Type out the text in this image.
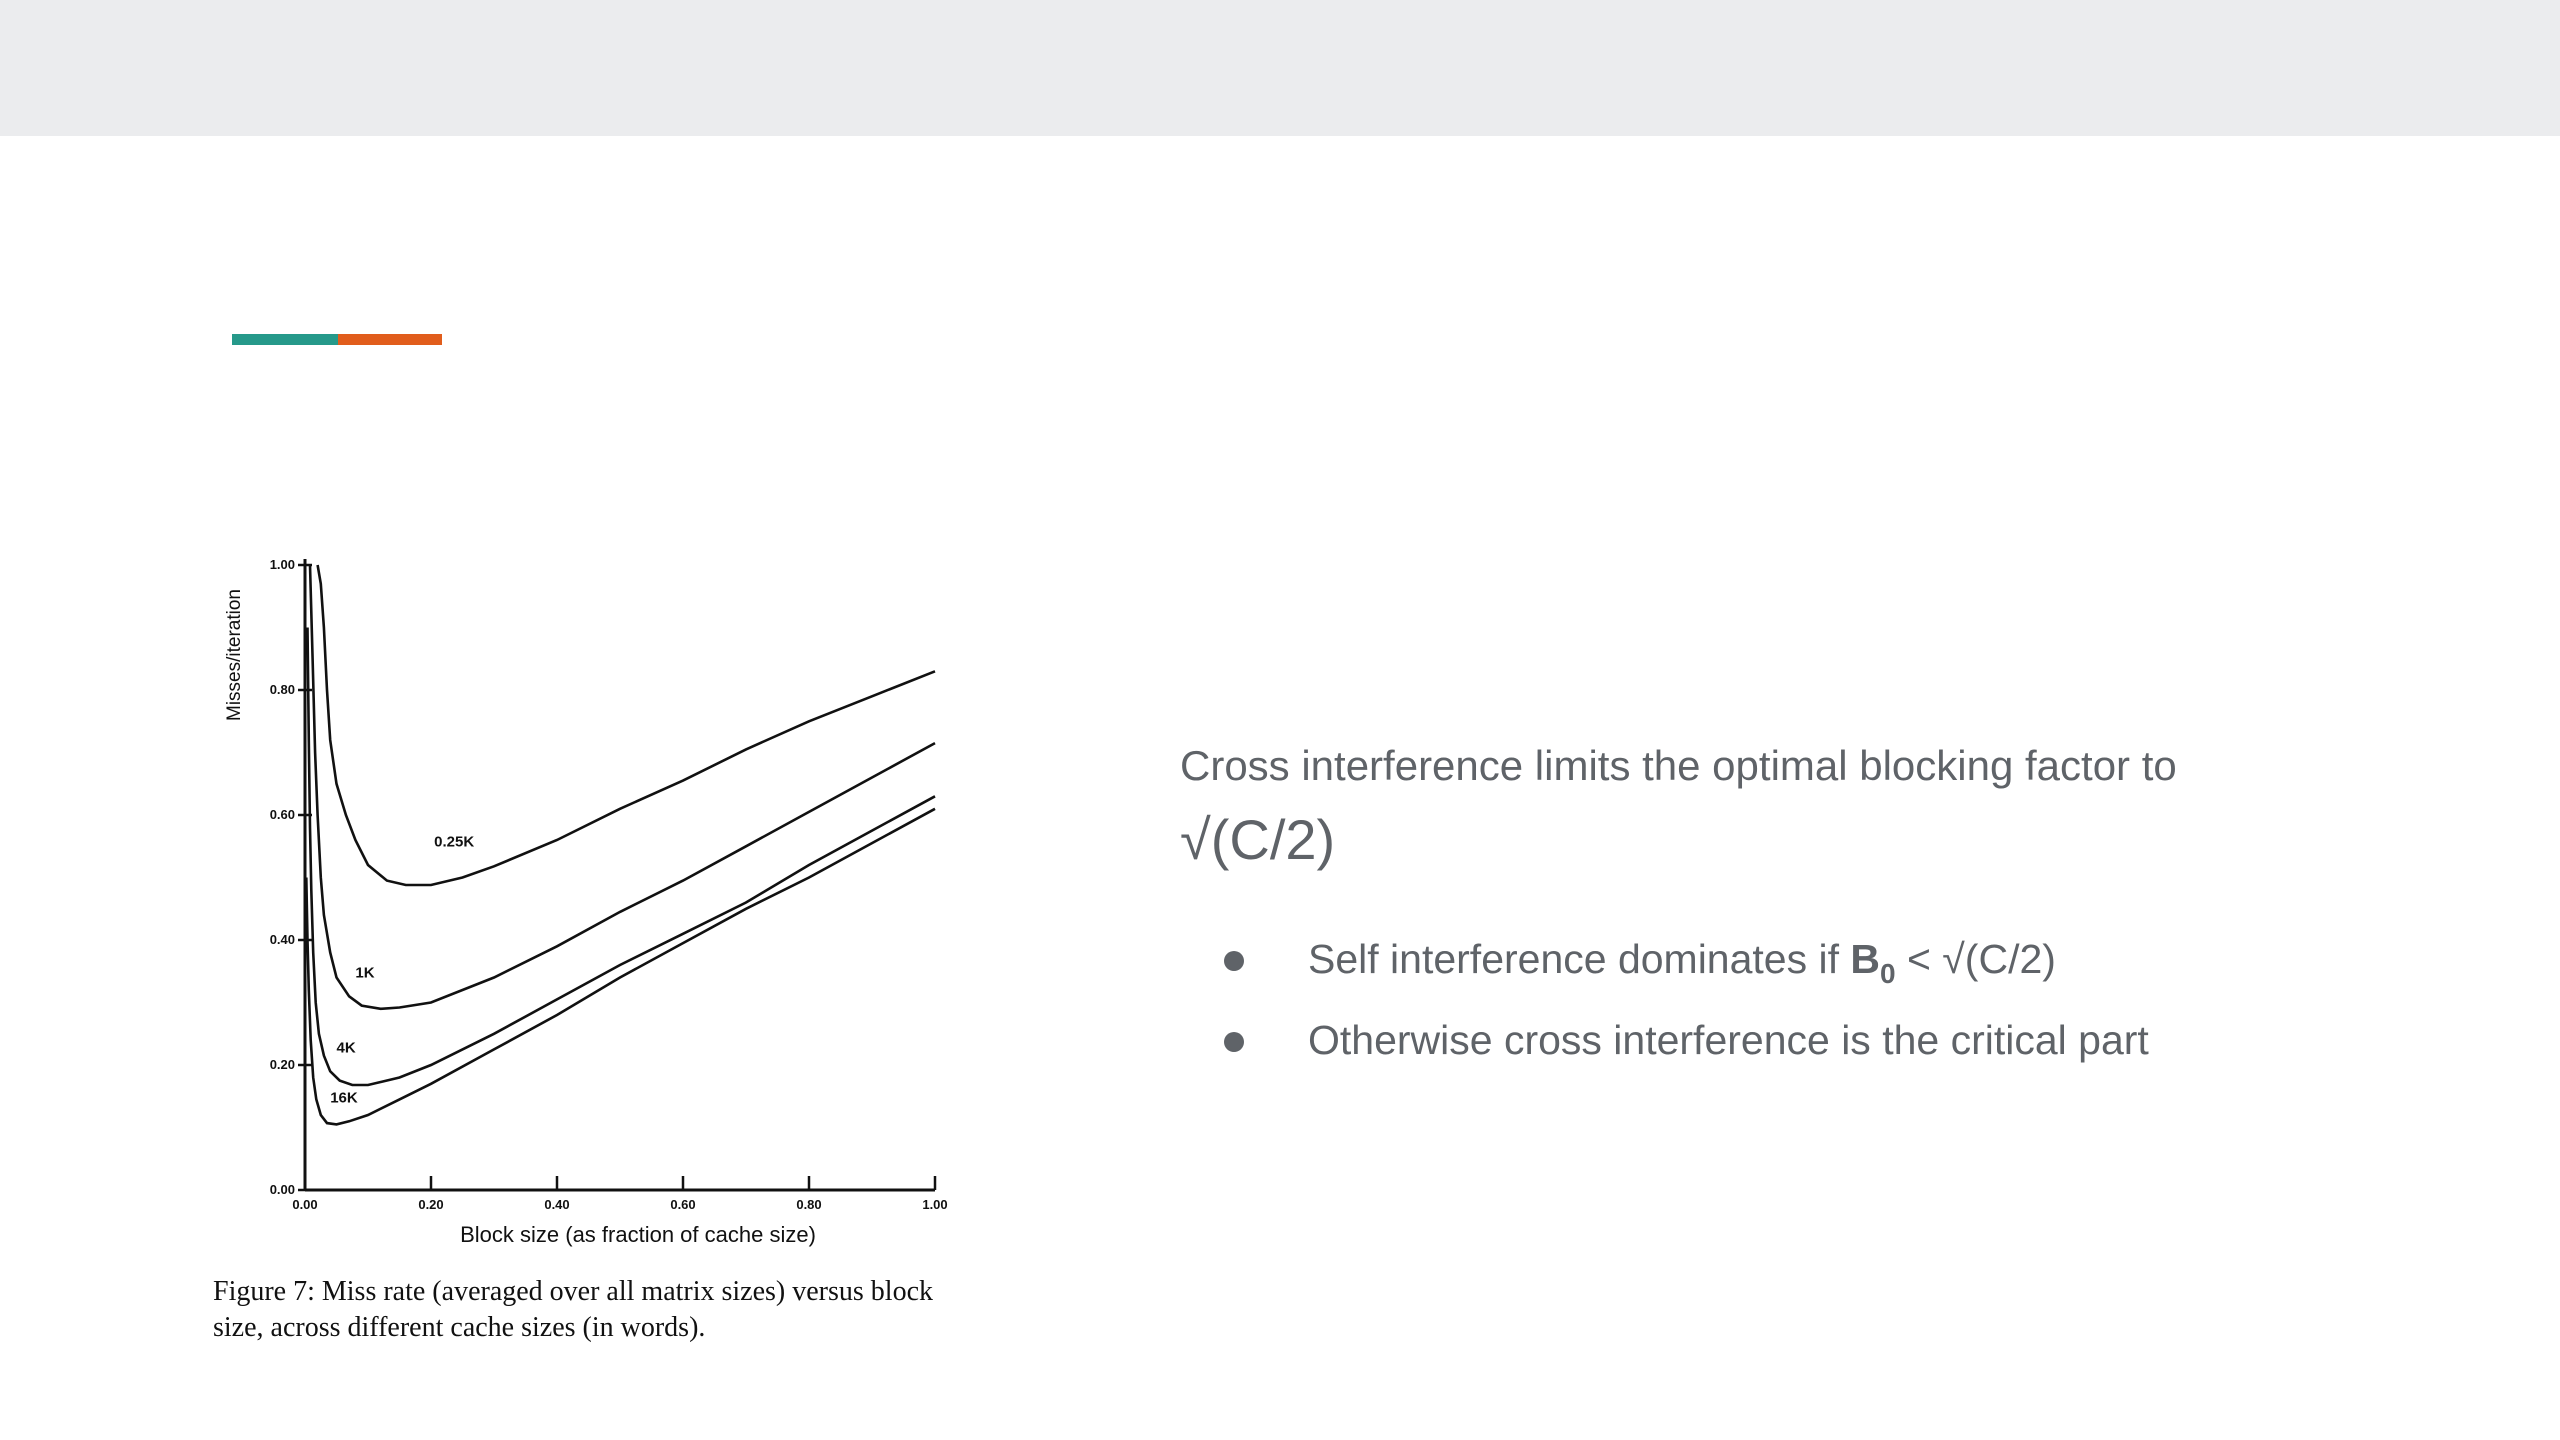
0.00
0.20
0.40
0.60
0.80
1.00
0.00	0.20	0.40	0.60	0.80	1.00
0.25K
1K
4K
16K
Block size (as fraction of cache size)
Misses/iteration
Figure 7: Miss rate (averaged over all matrix sizes) versus block
size, across different cache sizes (in words).
Cross interference limits the optimal blocking factor to
√(C/2)
Self interference dominates if $B_0 < √(C/2)$
Otherwise cross interference is the critical part
